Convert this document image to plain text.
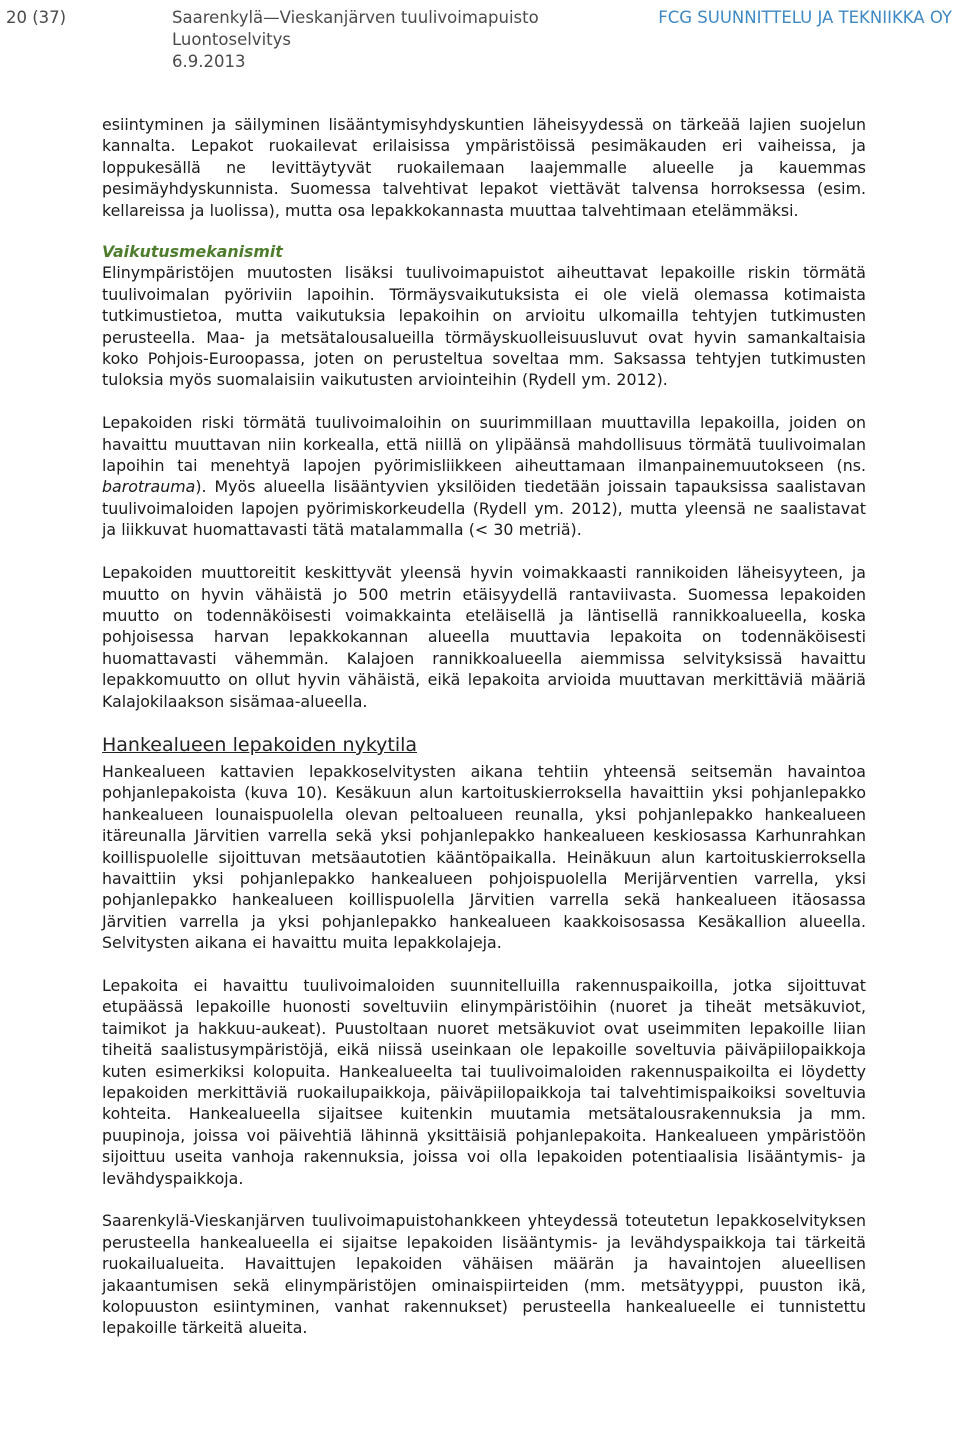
20 (37)	Saarenkylä—Vieskanjärven tuulivoimapuisto
Luontoselvitys
6.9.2013
FCG SUUNNITTELU JA TEKNIIKKA OY

esiintyminen ja säilyminen lisääntymisyhdyskuntien läheisyydessä on tärkeää lajien suojelun kannalta. Lepakot ruokailevat erilaisissa ympäristöissä pesimäkauden eri vaiheissa, ja loppukesällä ne levittäytyvät ruokailemaan laajemmalle alueelle ja kauemmas pesimäyhdyskunnista. Suomessa talvehtivat lepakot viettävät talvensa horroksessa (esim. kellareissa ja luolissa), mutta osa lepakkokannasta muuttaa talvehtimaan etelämmäksi.

Vaikutusmekanismit

Elinympäristöjen muutosten lisäksi tuulivoimapuistot aiheuttavat lepakoille riskin törmätä tuulivoimalan pyöriviin lapoihin. Törmäysvaikutuksista ei ole vielä olemassa kotimaista tutkimustietoa, mutta vaikutuksia lepakoihin on arvioitu ulkomailla tehtyjen tutkimusten perusteella. Maa- ja metsätalousalueilla törmäyskuolleisuusluvut ovat hyvin samankaltaisia koko Pohjois-Euroopassa, joten on perusteltua soveltaa mm. Saksassa tehtyjen tutkimusten tuloksia myös suomalaisiin vaikutusten arviointeihin (Rydell ym. 2012).

Lepakoiden riski törmätä tuulivoimaloihin on suurimmillaan muuttavilla lepakoilla, joiden on havaittu muuttavan niin korkealla, että niillä on ylipäänsä mahdollisuus törmätä tuulivoimalan lapoihin tai menehtyä lapojen pyörimisliikkeen aiheuttamaan ilmanpainemuutokseen (ns. barotrauma). Myös alueella lisääntyvien yksilöiden tiedetään joissain tapauksissa saalistavan tuulivoimaloiden lapojen pyörimiskorkeudella (Rydell ym. 2012), mutta yleensä ne saalistavat ja liikkuvat huomattavasti tätä matalammalla (< 30 metriä).

Lepakoiden muuttoreitit keskittyvät yleensä hyvin voimakkaasti rannikoiden läheisyyteen, ja muutto on hyvin vähäistä jo 500 metrin etäisyydellä rantaviivasta. Suomessa lepakoiden muutto on todennäköisesti voimakkainta eteläisellä ja läntisellä rannikkoalueella, koska pohjoisessa harvan lepakkokannan alueella muuttavia lepakoita on todennäköisesti huomattavasti vähemmän. Kalajoen rannikkoalueella aiemmissa selvityksissä havaittu lepakkomuutto on ollut hyvin vähäistä, eikä lepakoita arvioida muuttavan merkittäviä määriä Kalajokilaakson sisämaa-alueella.

Hankealueen lepakoiden nykytila

Hankealueen kattavien lepakkoselvitysten aikana tehtiin yhteensä seitsemän havaintoa pohjanlepakoista (kuva 10). Kesäkuun alun kartoituskierroksella havaittiin yksi pohjanlepakko hankealueen lounaispuolella olevan peltoalueen reunalla, yksi pohjanlepakko hankealueen itäreunalla Järvitien varrella sekä yksi pohjanlepakko hankealueen keskiosassa Karhunrahkan koillispuolelle sijoittuvan metsäautotien kääntöpaikalla. Heinäkuun alun kartoituskierroksella havaittiin yksi pohjanlepakko hankealueen pohjoispuolella Merijärventien varrella, yksi pohjanlepakko hankealueen koillispuolella Järvitien varrella sekä hankealueen itäosassa Järvitien varrella ja yksi pohjanlepakko hankealueen kaakkoisosassa Kesäkallion alueella. Selvitysten aikana ei havaittu muita lepakkolajeja.

Lepakoita ei havaittu tuulivoimaloiden suunnitelluilla rakennuspaikoilla, jotka sijoittuvat etupäässä lepakoille huonosti soveltuviin elinympäristöihin (nuoret ja tiheät metsäkuviot, taimikot ja hakkuu-aukeat). Puustoltaan nuoret metsäkuviot ovat useimmiten lepakoille liian tiheitä saalistusympäristöjä, eikä niissä useinkaan ole lepakoille soveltuvia päiväpiilopaikkoja kuten esimerkiksi kolopuita. Hankealueelta tai tuulivoimaloiden rakennuspaikoilta ei löydetty lepakoiden merkittäviä ruokailupaikkoja, päiväpiilopaikkoja tai talvehtimispaikoiksi soveltuvia kohteita. Hankealueella sijaitsee kuitenkin muutamia metsätalousrakennuksia ja mm. puupinoja, joissa voi päivehtiä lähinnä yksittäisiä pohjanlepakoita. Hankealueen ympäristöön sijoittuu useita vanhoja rakennuksia, joissa voi olla lepakoiden potentiaalisia lisääntymis- ja levähdyspaikkoja.

Saarenkylä-Vieskanjärven tuulivoimapuistohankkeen yhteydessä toteutetun lepakkoselvityksen perusteella hankealueella ei sijaitse lepakoiden lisääntymis- ja levähdyspaikkoja tai tärkeitä ruokailualueita. Havaittujen lepakoiden vähäisen määrän ja havaintojen alueellisen jakaantumisen sekä elinympäristöjen ominaispiirteiden (mm. metsätyyppi, puuston ikä, kolopuuston esiintyminen, vanhat rakennukset) perusteella hankealueelle ei tunnistettu lepakoille tärkeitä alueita.
